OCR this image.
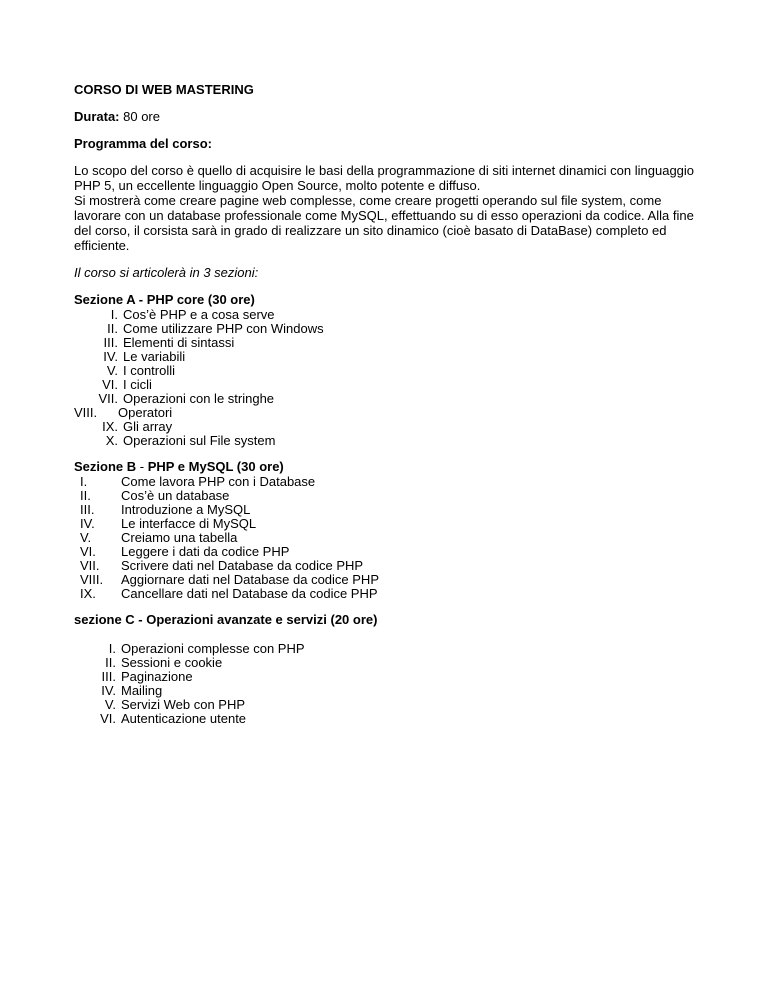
CORSO DI WEB MASTERING
Durata: 80 ore
Programma del corso:

Lo scopo del corso è quello di acquisire le basi della programmazione di siti internet dinamici con linguaggio

PHP 5, un eccellente linguaggio Open Source, molto potente e diffuso.

Si mostrerà come creare pagine web complesse, come creare progetti operando sul file system, come

lavorare con un database professionale come MySQL, effettuando su di esso operazioni da codice. Alla fine

del corso, il corsista sarà in grado di realizzare un sito dinamico (cioè basato di DataBase) completo ed

efficiente.

Il corso si articolerà in 3 sezioni:
Sezione A - PHP core (30 ore)
I. Cos’è PHP e a cosa serve
II. Come utilizzare PHP con Windows
III. Elementi di sintassi
IV. Le variabili
V. I controlli
VI. I cicli
VII. Operazioni con le stringhe
VIII.	Operatori
IX. Gli array
X. Operazioni sul File system
Sezione B - PHP e MySQL (30 ore)
I.	Come lavora PHP con i Database
II.	Cos’è un database
III.	Introduzione a MySQL
IV.	Le interfacce di MySQL
V.	Creiamo una tabella
VI.	Leggere i dati da codice PHP
VII.	Scrivere dati nel Database da codice PHP
VIII.	Aggiornare dati nel Database da codice PHP
IX.	Cancellare dati nel Database da codice PHP
sezione C - Operazioni avanzate e servizi (20 ore)
I. Operazioni complesse con PHP
II. Sessioni e cookie
III. Paginazione
IV. Mailing
V. Servizi Web con PHP
VI. Autenticazione utente
